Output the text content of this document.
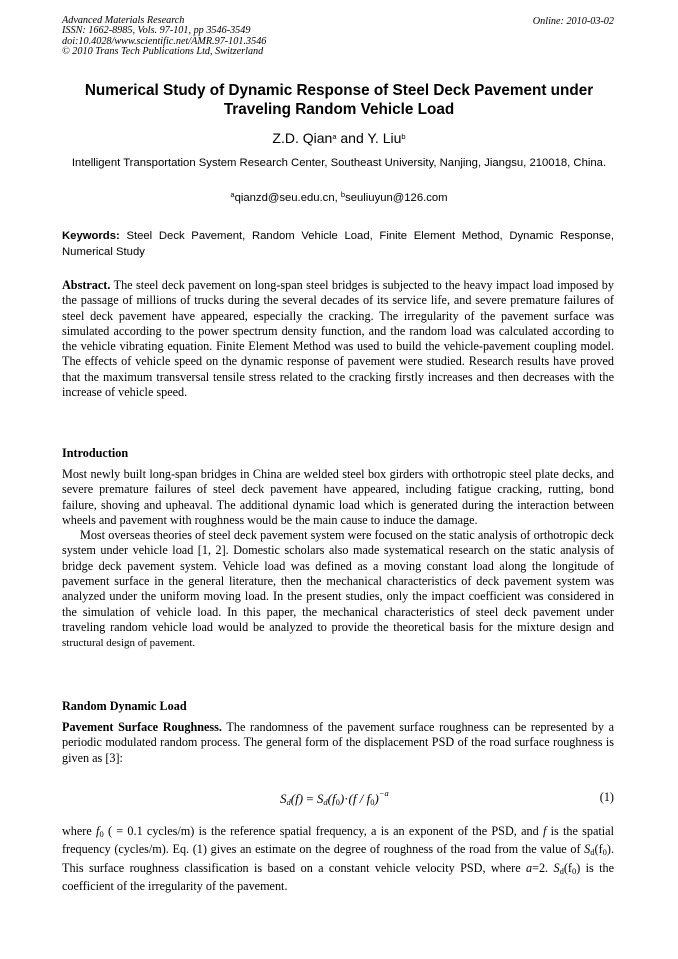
Advanced Materials Research
ISSN: 1662-8985, Vols. 97-101, pp 3546-3549
doi:10.4028/www.scientific.net/AMR.97-101.3546
© 2010 Trans Tech Publications Ltd, Switzerland
Online: 2010-03-02
Numerical Study of Dynamic Response of Steel Deck Pavement under Traveling Random Vehicle Load
Z.D. Qian$^a$ and Y. Liu$^b$
Intelligent Transportation System Research Center, Southeast University, Nanjing, Jiangsu, 210018, China.
$^a$qianzd@seu.edu.cn, $^b$seuliuyun@126.com
Keywords: Steel Deck Pavement, Random Vehicle Load, Finite Element Method, Dynamic Response, Numerical Study

Abstract. The steel deck pavement on long-span steel bridges is subjected to the heavy impact load imposed by the passage of millions of trucks during the several decades of its service life, and severe premature failures of steel deck pavement have appeared, especially the cracking. The irregularity of the pavement surface was simulated according to the power spectrum density function, and the random load was calculated according to the vehicle vibrating equation. Finite Element Method was used to build the vehicle-pavement coupling model. The effects of vehicle speed on the dynamic response of pavement were studied. Research results have proved that the maximum transversal tensile stress related to the cracking firstly increases and then decreases with the increase of vehicle speed.

Introduction

Most newly built long-span bridges in China are welded steel box girders with orthotropic steel plate decks, and severe premature failures of steel deck pavement have appeared, including fatigue cracking, rutting, bond failure, shoving and upheaval. The additional dynamic load which is generated during the interaction between wheels and pavement with roughness would be the main cause to induce the damage.

Most overseas theories of steel deck pavement system were focused on the static analysis of orthotropic deck system under vehicle load [1, 2]. Domestic scholars also made systematical research on the static analysis of bridge deck pavement system. Vehicle load was defined as a moving constant load along the longitude of pavement surface in the general literature, then the mechanical characteristics of deck pavement system was analyzed under the uniform moving load. In the present studies, only the impact coefficient was considered in the simulation of vehicle load. In this paper, the mechanical characteristics of steel deck pavement under traveling random vehicle load would be analyzed to provide the theoretical basis for the mixture design and structural design of pavement.

Random Dynamic Load

Pavement Surface Roughness. The randomness of the pavement surface roughness can be represented by a periodic modulated random process. The general form of the displacement PSD of the road surface roughness is given as [3]:

Sd(f) = Sd(f0)·(f / f0)$^{-a}$	(1)

where $f_0$ ( = 0.1 cycles/m) is the reference spatial frequency, a is an exponent of the PSD, and f is the spatial frequency (cycles/m). Eq. (1) gives an estimate on the degree of roughness of the road from the value of $S_d(f_0)$. This surface roughness classification is based on a constant vehicle velocity PSD, where a=2. $S_d(f_0)$ is the coefficient of the irregularity of the pavement.
